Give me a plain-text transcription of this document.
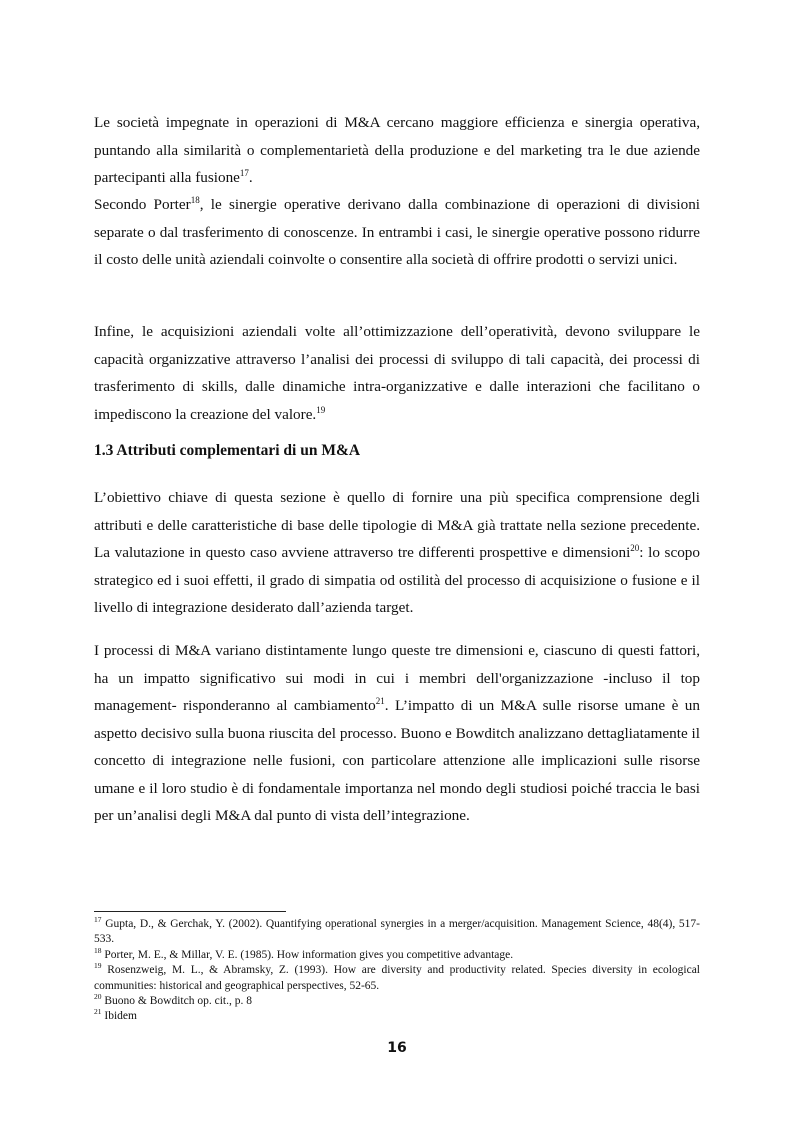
Le società impegnate in operazioni di M&A cercano maggiore efficienza e sinergia operativa, puntando alla similarità o complementarietà della produzione e del marketing tra le due aziende partecipanti alla fusione$^{17}$.

Secondo Porter$^{18}$, le sinergie operative derivano dalla combinazione di operazioni di divisioni separate o dal trasferimento di conoscenze. In entrambi i casi, le sinergie operative possono ridurre il costo delle unità aziendali coinvolte o consentire alla società di offrire prodotti o servizi unici.

Infine, le acquisizioni aziendali volte all’ottimizzazione dell’operatività, devono sviluppare le capacità organizzative attraverso l’analisi dei processi di sviluppo di tali capacità, dei processi di trasferimento di skills, dalle dinamiche intra-organizzative e dalle interazioni che facilitano o impediscono la creazione del valore.$^{19}$

1.3 Attributi complementari di un M&A

L’obiettivo chiave di questa sezione è quello di fornire una più specifica comprensione degli attributi e delle caratteristiche di base delle tipologie di M&A già trattate nella sezione precedente. La valutazione in questo caso avviene attraverso tre differenti prospettive e dimensioni$^{20}$: lo scopo strategico ed i suoi effetti, il grado di simpatia od ostilità del processo di acquisizione o fusione e il livello di integrazione desiderato dall’azienda target.

I processi di M&A variano distintamente lungo queste tre dimensioni e, ciascuno di questi fattori, ha un impatto significativo sui modi in cui i membri dell'organizzazione -incluso il top management- risponderanno al cambiamento$^{21}$. L’impatto di un M&A sulle risorse umane è un aspetto decisivo sulla buona riuscita del processo. Buono e Bowditch analizzano dettagliatamente il concetto di integrazione nelle fusioni, con particolare attenzione alle implicazioni sulle risorse umane e il loro studio è di fondamentale importanza nel mondo degli studiosi poiché traccia le basi per un’analisi degli M&A dal punto di vista dell’integrazione.

$^{17}$ Gupta, D., & Gerchak, Y. (2002). Quantifying operational synergies in a merger/acquisition. Management Science, 48(4), 517-533.

$^{18}$ Porter, M. E., & Millar, V. E. (1985). How information gives you competitive advantage.

$^{19}$ Rosenzweig, M. L., & Abramsky, Z. (1993). How are diversity and productivity related. Species diversity in ecological communities: historical and geographical perspectives, 52-65.

$^{20}$ Buono & Bowditch op. cit., p. 8

$^{21}$ Ibidem

16
